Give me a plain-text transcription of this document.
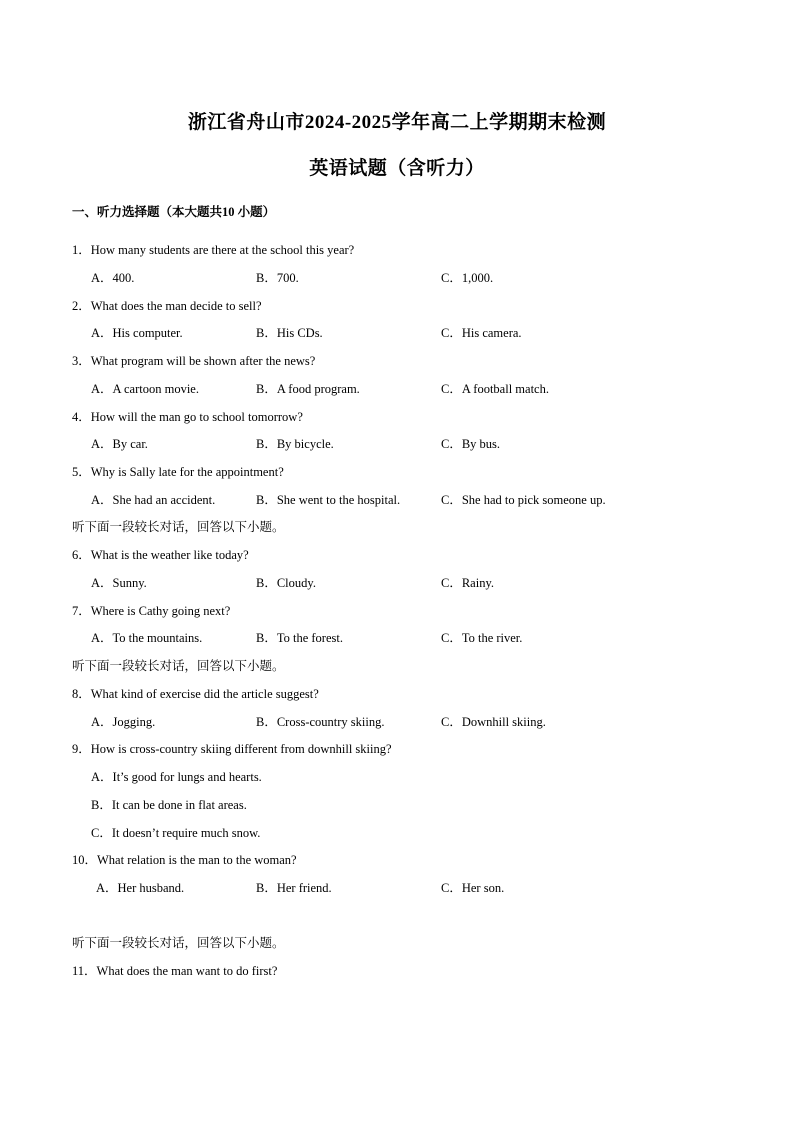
浙江省舟山市2024-2025学年高二上学期期末检测
英语试题（含听力）
一、听力选择题（本大题共10 小题）
1．How many students are there at the school this year?
A．400.	B．700.	C．1,000.
2．What does the man decide to sell?
A．His computer.	B．His CDs.	C．His camera.
3．What program will be shown after the news?
A．A cartoon movie.	B．A food program.	C．A football match.
4．How will the man go to school tomorrow?
A．By car.	B．By bicycle.	C．By bus.
5．Why is Sally late for the appointment?
A．She had an accident.	B．She went to the hospital.	C．She had to pick someone up.
听下面一段较长对话，回答以下小题。
6．What is the weather like today?
A．Sunny.	B．Cloudy.	C．Rainy.
7．Where is Cathy going next?
A．To the mountains.	B．To the forest.	C．To the river.
听下面一段较长对话，回答以下小题。
8．What kind of exercise did the article suggest?
A．Jogging.	B．Cross-country skiing.	C．Downhill skiing.
9．How is cross-country skiing different from downhill skiing?
A．It’s good for lungs and hearts.
B．It can be done in flat areas.
C．It doesn’t require much snow.
10．What relation is the man to the woman?
A．Her husband.	B．Her friend.	C．Her son.
听下面一段较长对话，回答以下小题。
11．What does the man want to do first?
